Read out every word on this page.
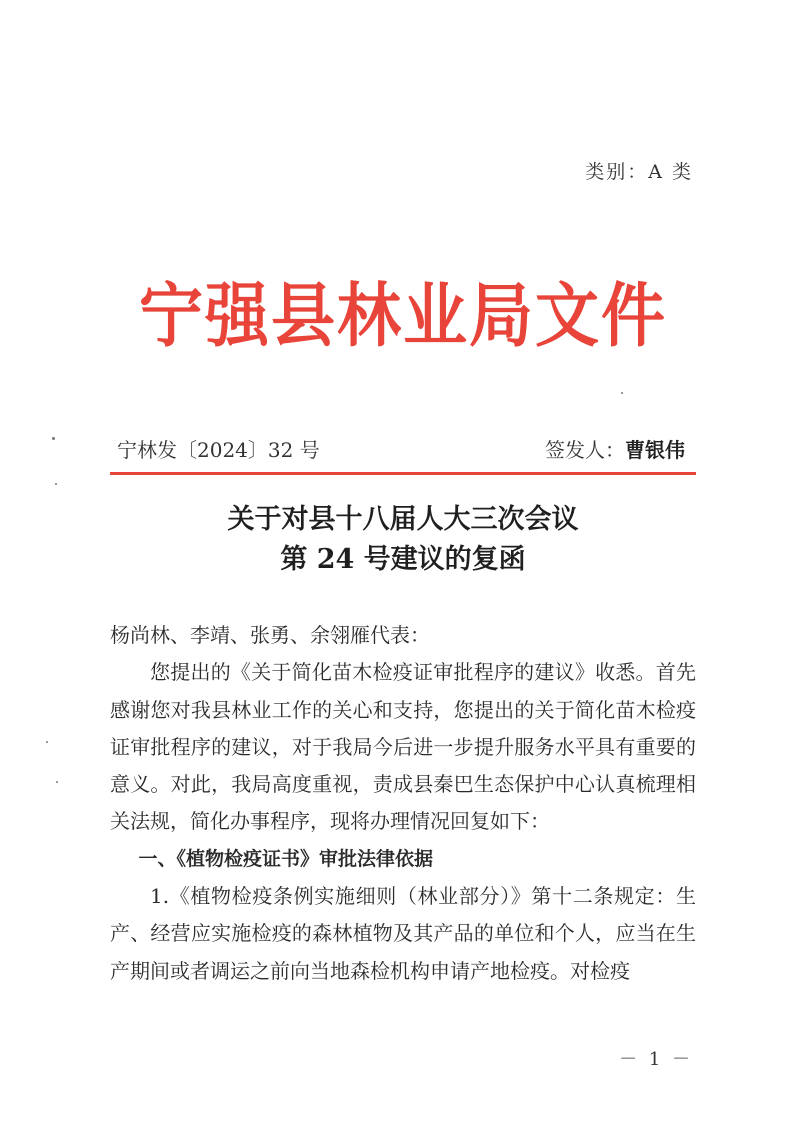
类别：A 类
宁强县林业局文件
宁林发〔2024〕32 号	签发人：曹银伟
关于对县十八届人大三次会议
第 24 号建议的复函

杨尚林、李靖、张勇、余翎雁代表：

您提出的《关于简化苗木检疫证审批程序的建议》收悉。首先感谢您对我县林业工作的关心和支持，您提出的关于简化苗木检疫证审批程序的建议，对于我局今后进一步提升服务水平具有重要的意义。对此，我局高度重视，责成县秦巴生态保护中心认真梳理相关法规，简化办事程序，现将办理情况回复如下：

一、《植物检疫证书》审批法律依据

1.《植物检疫条例实施细则（林业部分）》第十二条规定：生产、经营应实施检疫的森林植物及其产品的单位和个人，应当在生产期间或者调运之前向当地森检机构申请产地检疫。对检疫

－ 1 －
